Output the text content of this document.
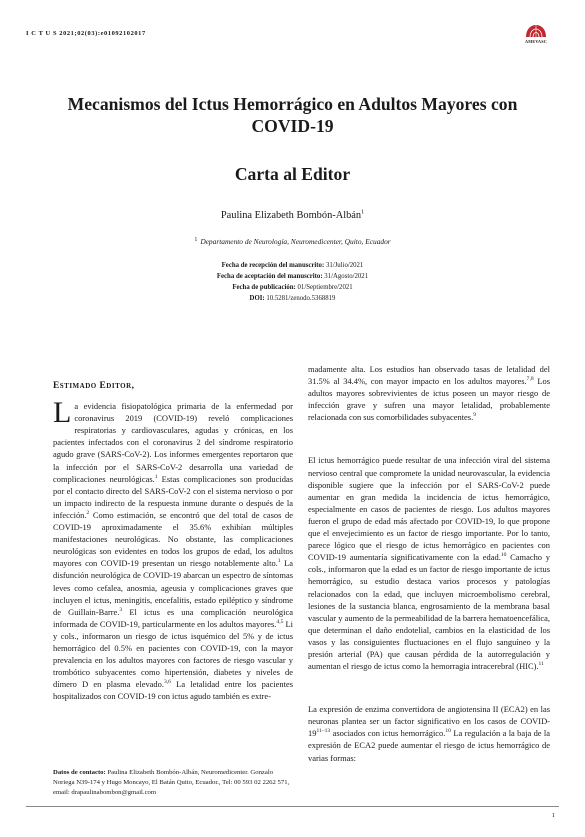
I C T U S 2021;02(03):e01092102017
AMEVASC
Mecanismos del Ictus Hemorrágico en Adultos Mayores con COVID-19
Carta al Editor
Paulina Elizabeth Bombón-Albán$^1$
$^1$ Departamento de Neurología, Neuromedicenter, Quito, Ecuador
Fecha de recepción del manuscrito: 31/Julio/2021
Fecha de aceptación del manuscrito: 31/Agosto/2021
Fecha de publicación: 01/Septiembre/2021
DOI: 10.5281/zenodo.5368819
Estimado Editor,

La evidencia fisiopatológica primaria de la enfermedad por coronavirus 2019 (COVID-19) reveló complicaciones respiratorias y cardiovasculares, agudas y crónicas, en los pacientes infectados con el coronavirus 2 del síndrome respiratorio agudo grave (SARS-CoV-2). Los informes emergentes reportaron que la infección por el SARS-CoV-2 desarrolla una variedad de complicaciones neurológicas.$^1$ Estas complicaciones son producidas por el contacto directo del SARS-CoV-2 con el sistema nervioso o por un impacto indirecto de la respuesta inmune durante o después de la infección.$^2$ Como estimación, se encontró que del total de casos de COVID-19 aproximadamente el 35.6% exhibían múltiples manifestaciones neurológicas. No obstante, las complicaciones neurológicas son evidentes en todos los grupos de edad, los adultos mayores con COVID-19 presentan un riesgo notablemente alto.$^1$ La disfunción neurológica de COVID-19 abarcan un espectro de síntomas leves como cefalea, anosmia, ageusia y complicaciones graves que incluyen el ictus, meningitis, encefalitis, estado epiléptico y síndrome de Guillain-Barre.$^3$ El ictus es una complicación neurológica informada de COVID-19, particularmente en los adultos mayores.$^{4,5}$ Li y cols., informaron un riesgo de ictus isquémico del 5% y de ictus hemorrágico del 0.5% en pacientes con COVID-19, con la mayor prevalencia en los adultos mayores con factores de riesgo vascular y trombótico subyacentes como hipertensión, diabetes y niveles de dímero D en plasma elevado.$^{3,6}$ La letalidad entre los pacientes hospitalizados con COVID-19 con ictus agudo también es extre-

madamente alta. Los estudios han observado tasas de letalidad del 31.5% al 34.4%, con mayor impacto en los adultos mayores.$^{7,8}$ Los adultos mayores sobrevivientes de ictus poseen un mayor riesgo de infección grave y sufren una mayor letalidad, probablemente relacionada con sus comorbilidades subyacentes.$^9$

El ictus hemorrágico puede resultar de una infección viral del sistema nervioso central que compromete la unidad neurovascular, la evidencia disponible sugiere que la infección por el SARS-CoV-2 puede aumentar en gran medida la incidencia de ictus hemorrágico, especialmente en casos de pacientes de riesgo. Los adultos mayores fueron el grupo de edad más afectado por COVID-19, lo que propone que el envejecimiento es un factor de riesgo importante. Por lo tanto, parece lógico que el riesgo de ictus hemorrágico en pacientes con COVID-19 aumentaría significativamente con la edad.$^{10}$ Camacho y cols., informaron que la edad es un factor de riesgo importante de ictus hemorrágico, su estudio destaca varios procesos y patologías relacionados con la edad, que incluyen microembolismo cerebral, lesiones de la sustancia blanca, engrosamiento de la membrana basal vascular y aumento de la permeabilidad de la barrera hematoencefálica, que determinan el daño endotelial, cambios en la elasticidad de los vasos y las consiguientes fluctuaciones en el flujo sanguíneo y la presión arterial (PA) que causan pérdida de la autorregulación y aumentan el riesgo de ictus como la hemorragia intracerebral (HIC).$^{11}$

La expresión de enzima convertidora de angiotensina II (ECA2) en las neuronas plantea ser un factor significativo en los casos de COVID-19$^{11-13}$ asociados con ictus hemorrágico.$^{10}$ La regulación a la baja de la expresión de ECA2 puede aumentar el riesgo de ictus hemorrágico de varias formas:

Datos de contacto: Paulina Elizabeth Bombón-Albán, Neuromedicenter. Gonzalo Noriega N39-174 y Hugo Moncayo, El Batán Quito, Ecuador., Tel: 00 593 02 2262 571, email: drapaulinabombon@gmail.com
1
